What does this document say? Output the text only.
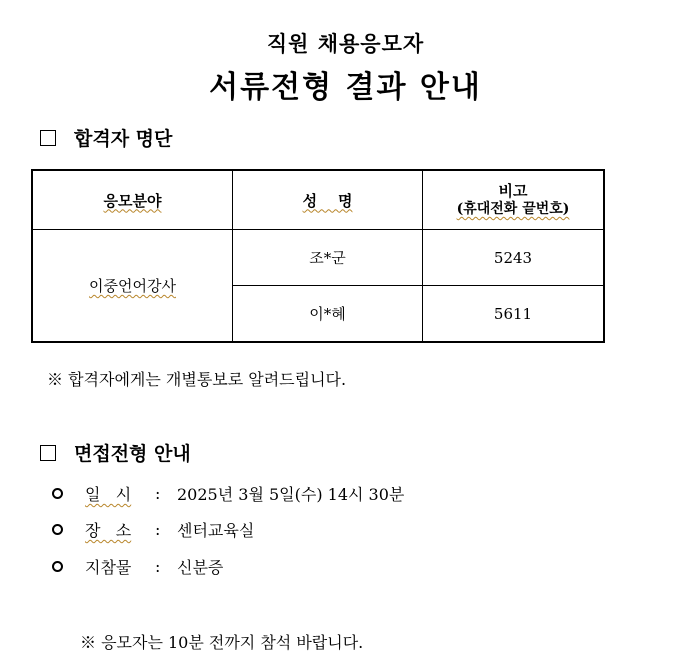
직원 채용응모자
서류전형 결과 안내
합격자 명단
응모분야	성    명	비고
(휴대전화 끝번호)

이중언어강사	조*군	5243
	이*혜	5611
※ 합격자에게는 개별통보로 알려드립니다.
면접전형 안내
일   시	:	2025년 3월 5일(수) 14시 30분
장   소	:	센터교육실
지참물	:	신분증
※ 응모자는 10분 전까지 참석 바랍니다.
